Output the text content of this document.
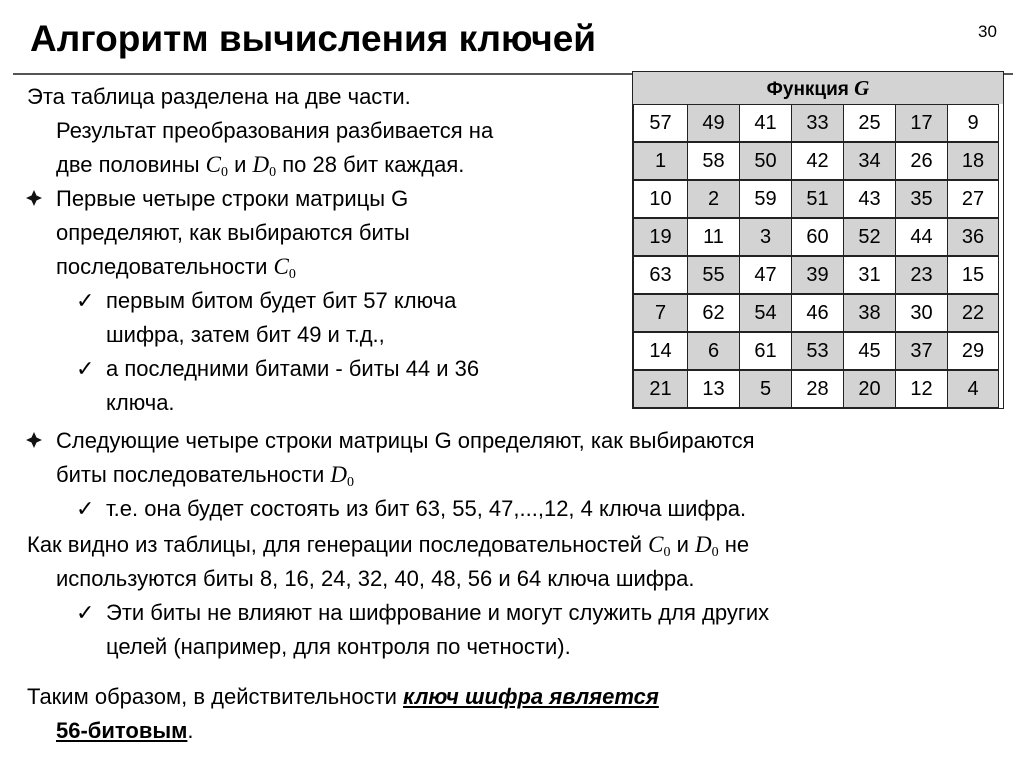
Алгоритм вычисления ключей	30
Эта таблица разделена на две части.
Результат преобразования разбивается на
две половины $C_0$ и $D_0$ по 28 бит каждая.
Первые четыре строки матрицы G
определяют, как выбираются биты
последовательности $C_0$
✓ первым битом будет бит 57 ключа
шифра, затем бит 49 и т.д.,
✓ а последними битами - биты 44 и 36
ключа.
Следующие четыре строки матрицы G определяют, как выбираются
биты последовательности $D_0$
✓ т.е. она будет состоять из бит 63, 55, 47,...,12, 4 ключа шифра.
Как видно из таблицы, для генерации последовательностей $C_0$ и $D_0$ не
используются биты 8, 16, 24, 32, 40, 48, 56 и 64 ключа шифра.
✓ Эти биты не влияют на шифрование и могут служить для других
целей (например, для контроля по четности).
Таким образом, в действительности ключ шифра является
56-битовым.
Функция G
57	49	41	33	25	17	9
1	58	50	42	34	26	18
10	2	59	51	43	35	27
19	11	3	60	52	44	36
63	55	47	39	31	23	15
7	62	54	46	38	30	22
14	6	61	53	45	37	29
21	13	5	28	20	12	4
